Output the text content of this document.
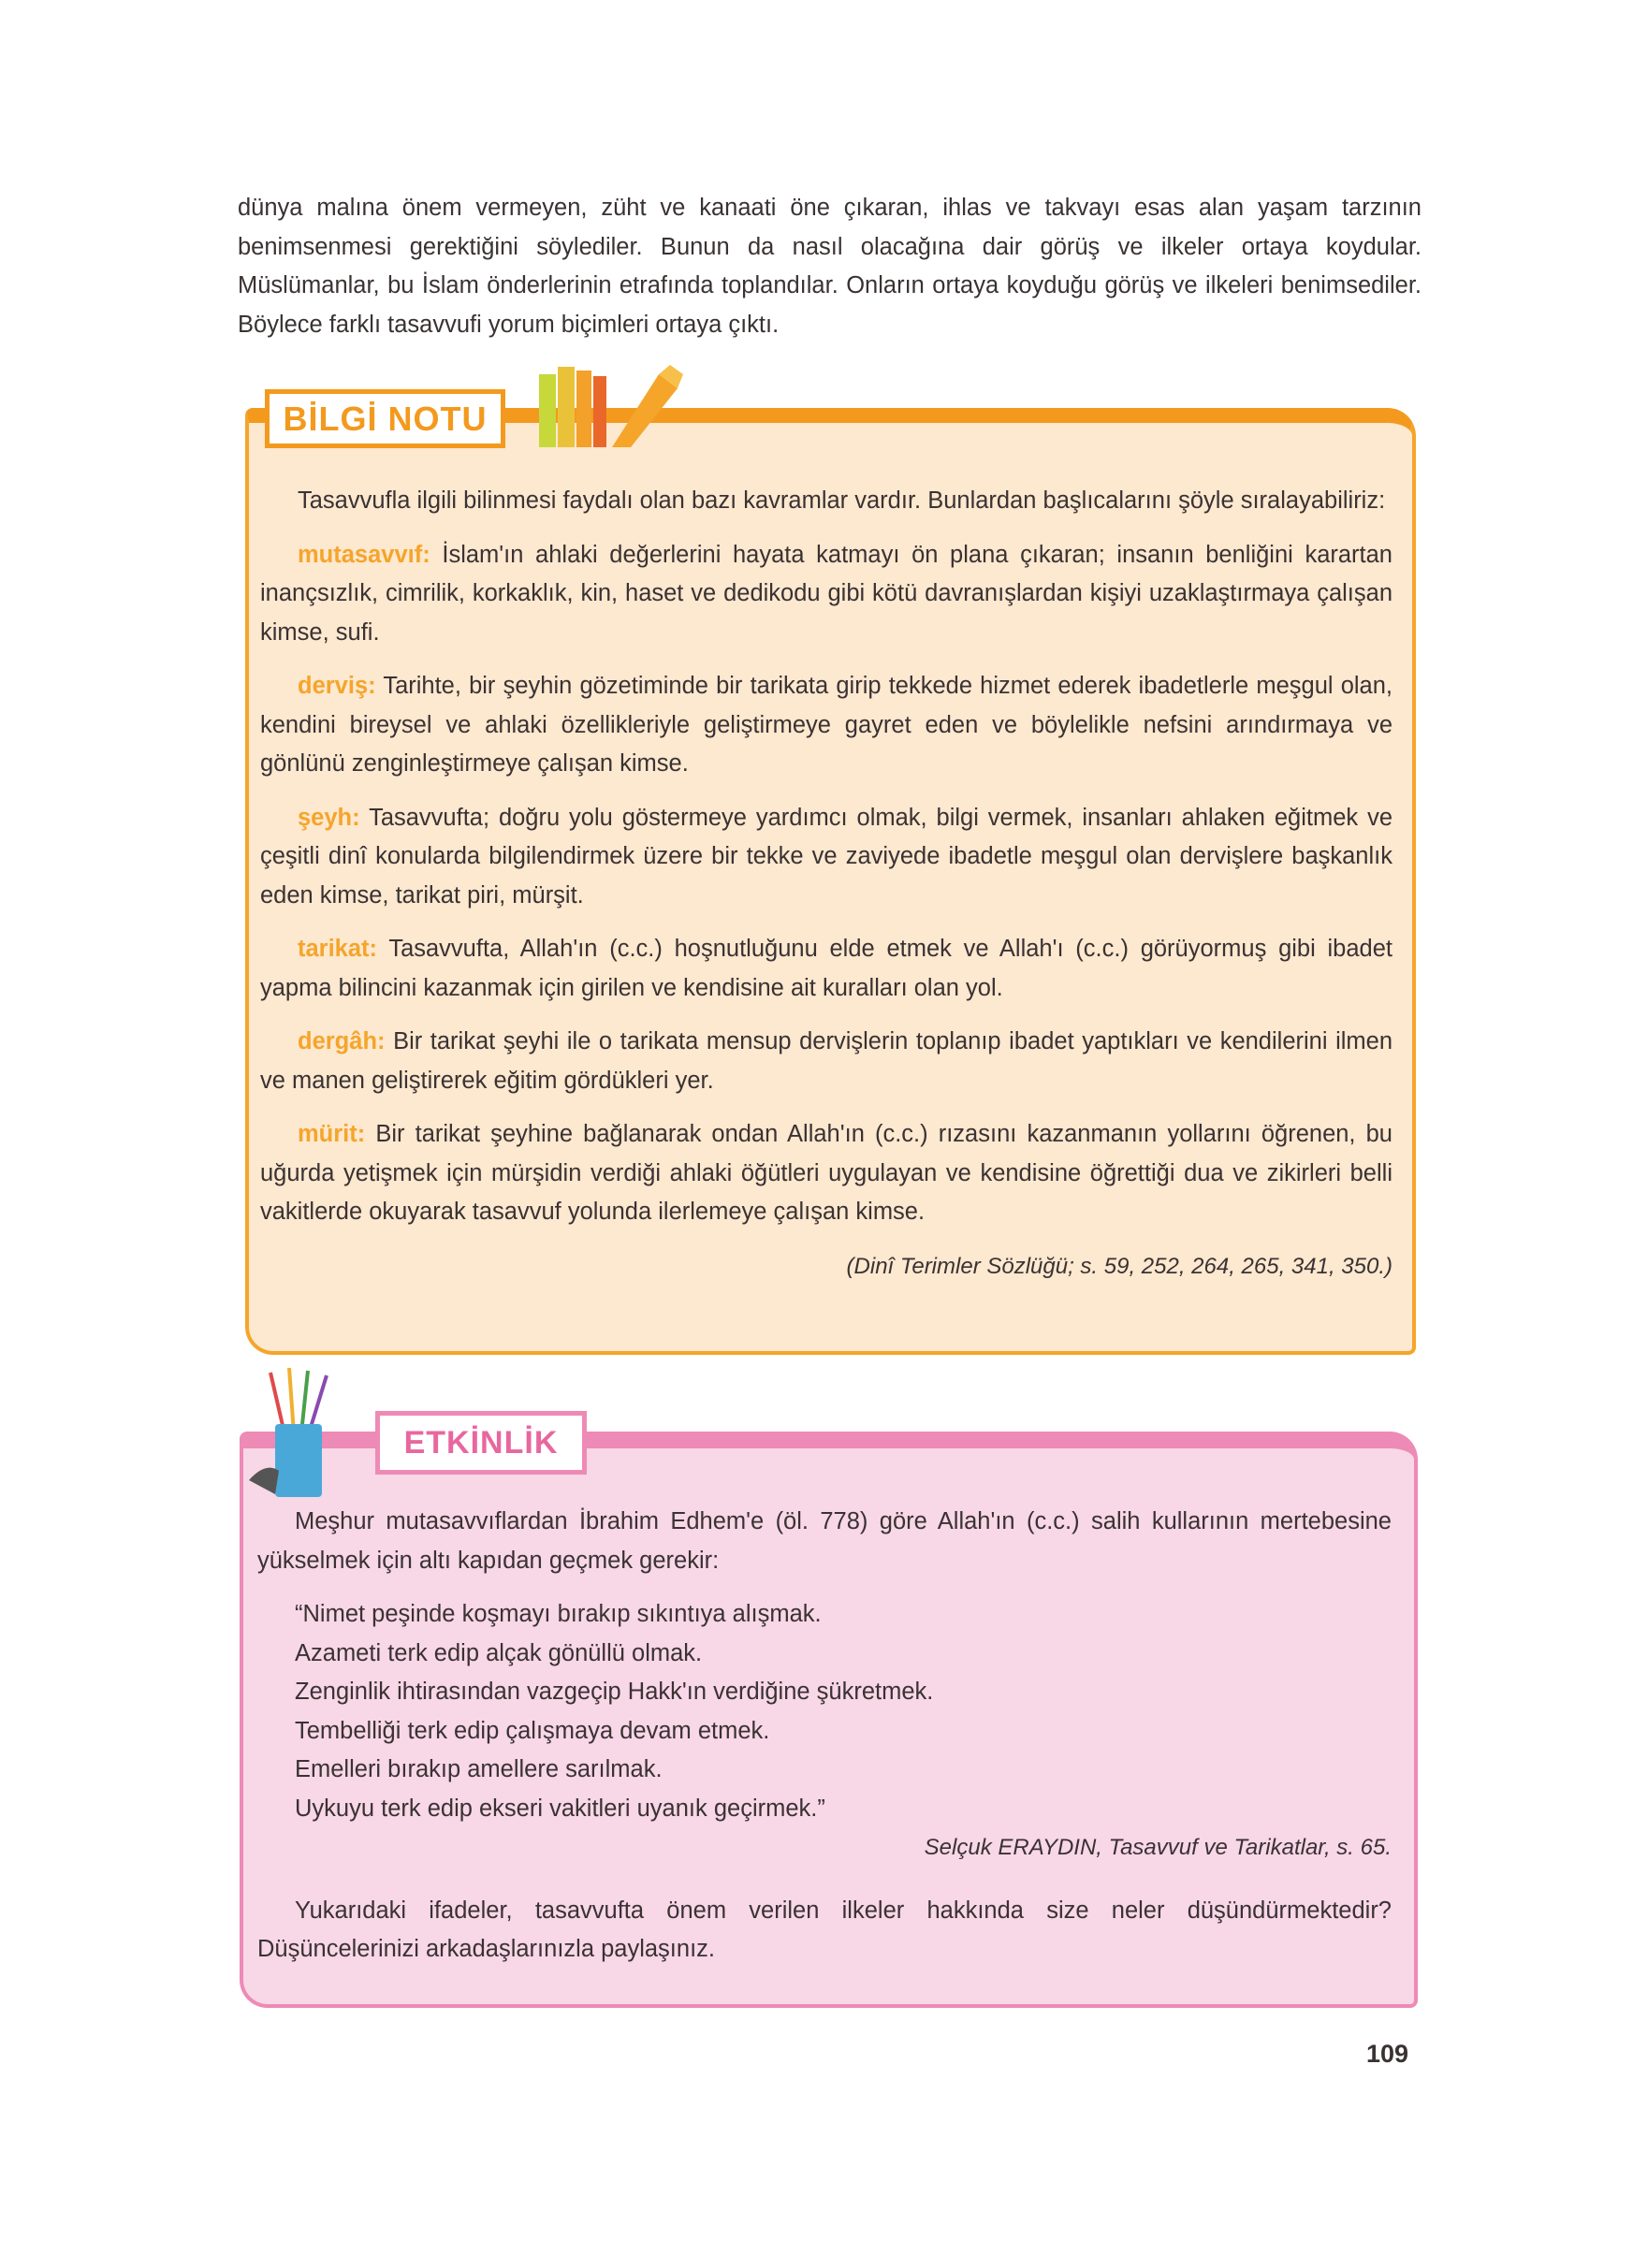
dünya malına önem vermeyen, züht ve kanaati öne çıkaran, ihlas ve takvayı esas alan yaşam tarzının benimsenmesi gerektiğini söylediler. Bunun da nasıl olacağına dair görüş ve ilkeler ortaya koydular. Müslümanlar, bu İslam önderlerinin etrafında toplandılar. Onların ortaya koyduğu görüş ve ilkeleri benimsediler. Böylece farklı tasavvufi yorum biçimleri ortaya çıktı.
BİLGİ NOTU

Tasavvufla ilgili bilinmesi faydalı olan bazı kavramlar vardır. Bunlardan başlıcalarını şöyle sıralayabiliriz:

mutasavvıf: İslam'ın ahlaki değerlerini hayata katmayı ön plana çıkaran; insanın benliğini karartan inançsızlık, cimrilik, korkaklık, kin, haset ve dedikodu gibi kötü davranışlardan kişiyi uzaklaştırmaya çalışan kimse, sufi.

derviş: Tarihte, bir şeyhin gözetiminde bir tarikata girip tekkede hizmet ederek ibadetlerle meşgul olan, kendini bireysel ve ahlaki özellikleriyle geliştirmeye gayret eden ve böylelikle nefsini arındırmaya ve gönlünü zenginleştirmeye çalışan kimse.

şeyh: Tasavvufta; doğru yolu göstermeye yardımcı olmak, bilgi vermek, insanları ahlaken eğitmek ve çeşitli dinî konularda bilgilendirmek üzere bir tekke ve zaviyede ibadetle meşgul olan dervişlere başkanlık eden kimse, tarikat piri, mürşit.

tarikat: Tasavvufta, Allah'ın (c.c.) hoşnutluğunu elde etmek ve Allah'ı (c.c.) görüyormuş gibi ibadet yapma bilincini kazanmak için girilen ve kendisine ait kuralları olan yol.

dergâh: Bir tarikat şeyhi ile o tarikata mensup dervişlerin toplanıp ibadet yaptıkları ve kendilerini ilmen ve manen geliştirerek eğitim gördükleri yer.

mürit: Bir tarikat şeyhine bağlanarak ondan Allah'ın (c.c.) rızasını kazanmanın yollarını öğrenen, bu uğurda yetişmek için mürşidin verdiği ahlaki öğütleri uygulayan ve kendisine öğrettiği dua ve zikirleri belli vakitlerde okuyarak tasavvuf yolunda ilerlemeye çalışan kimse.

(Dinî Terimler Sözlüğü; s. 59, 252, 264, 265, 341, 350.)
ETKİNLİK

Meşhur mutasavvıflardan İbrahim Edhem'e (öl. 778) göre Allah'ın (c.c.) salih kullarının mertebesine yükselmek için altı kapıdan geçmek gerekir:

“Nimet peşinde koşmayı bırakıp sıkıntıya alışmak.
Azameti terk edip alçak gönüllü olmak.
Zenginlik ihtirasından vazgeçip Hakk'ın verdiğine şükretmek.
Tembelliği terk edip çalışmaya devam etmek.
Emelleri bırakıp amellere sarılmak.
Uykuyu terk edip ekseri vakitleri uyanık geçirmek.”
Selçuk ERAYDIN, Tasavvuf ve Tarikatlar, s. 65.

Yukarıdaki ifadeler, tasavvufta önem verilen ilkeler hakkında size neler düşündürmektedir? Düşüncelerinizi arkadaşlarınızla paylaşınız.

109
